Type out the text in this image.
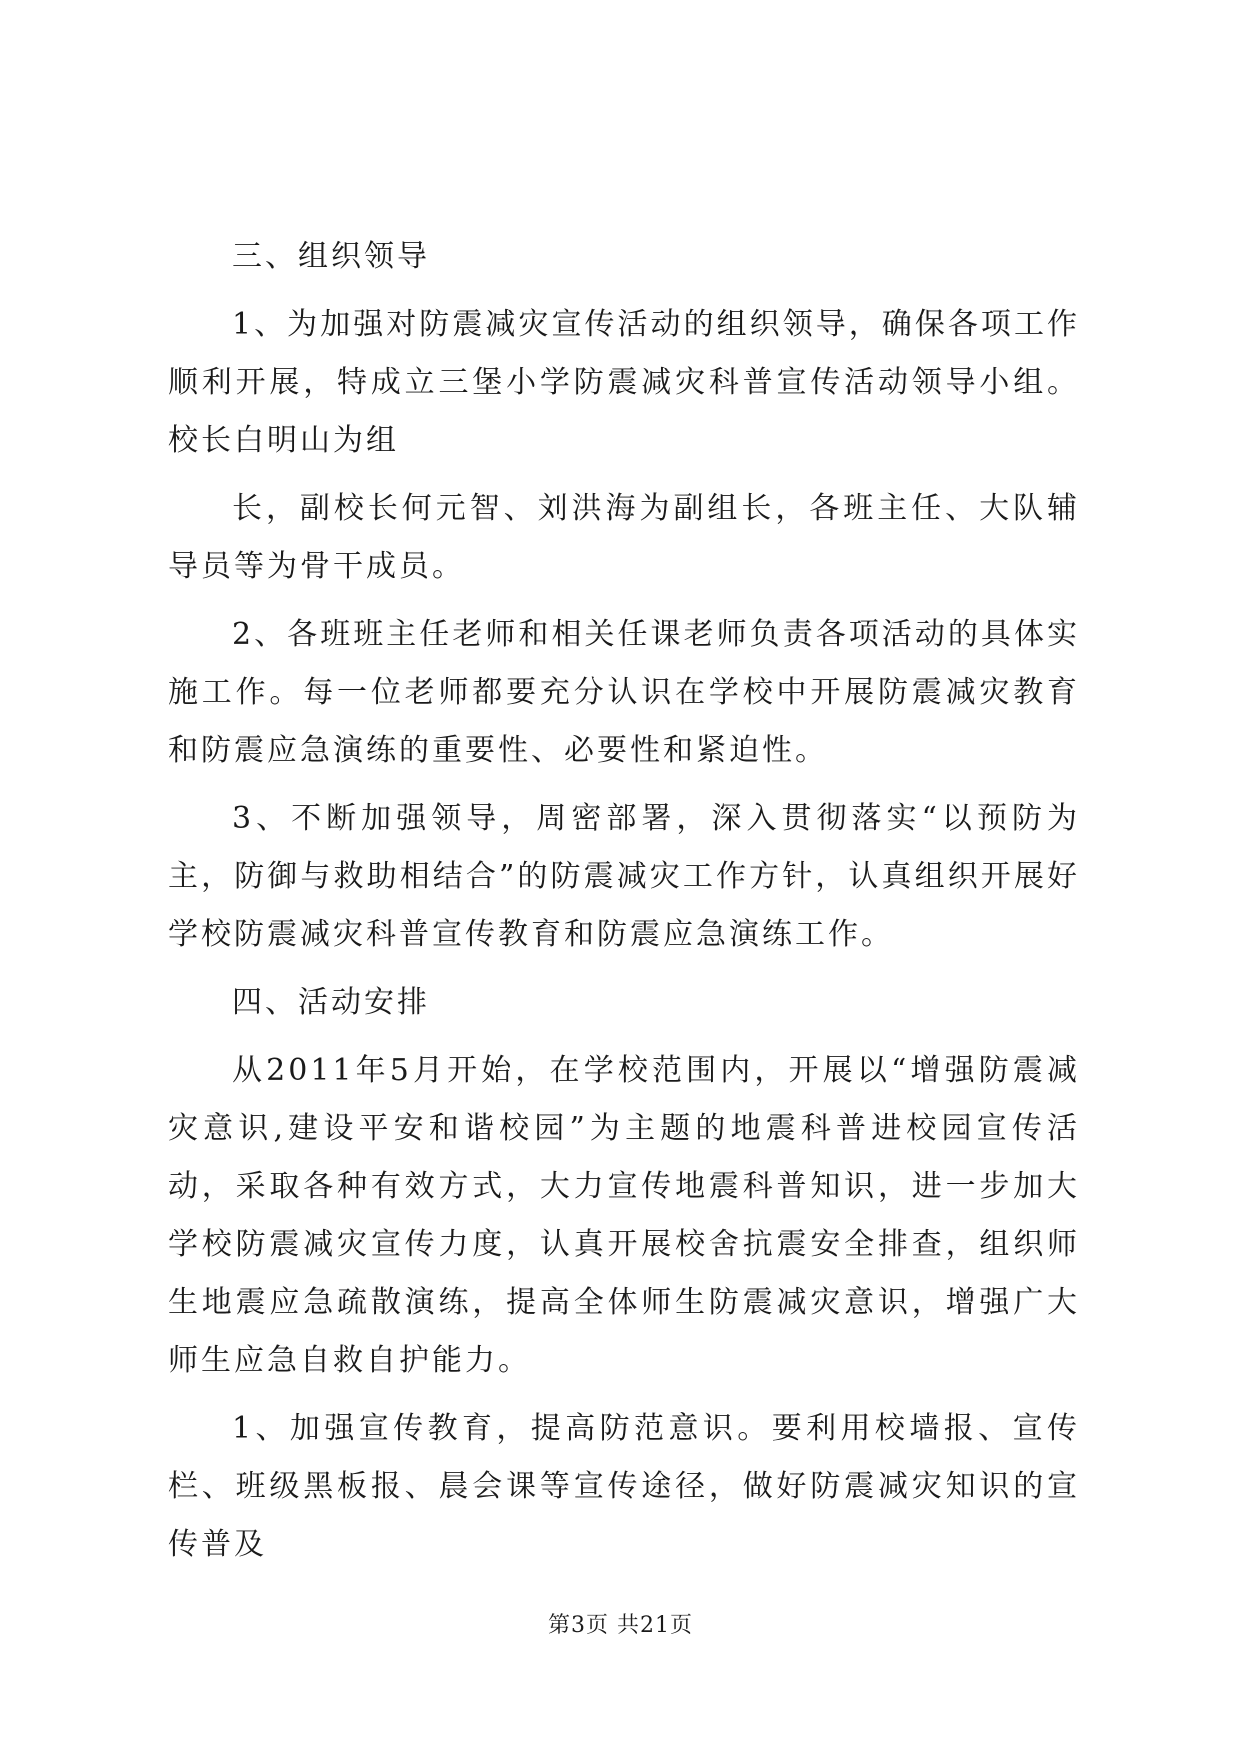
三、组织领导

1、为加强对防震减灾宣传活动的组织领导，确保各项工作顺利开展，特成立三堡小学防震减灾科普宣传活动领导小组。校长白明山为组

长，副校长何元智、刘洪海为副组长，各班主任、大队辅导员等为骨干成员。

2、各班班主任老师和相关任课老师负责各项活动的具体实施工作。每一位老师都要充分认识在学校中开展防震减灾教育和防震应急演练的重要性、必要性和紧迫性。

3、不断加强领导，周密部署，深入贯彻落实“以预防为主，防御与救助相结合”的防震减灾工作方针，认真组织开展好学校防震减灾科普宣传教育和防震应急演练工作。

四、活动安排

从2011年5月开始，在学校范围内，开展以“增强防震减灾意识,建设平安和谐校园”为主题的地震科普进校园宣传活动，采取各种有效方式，大力宣传地震科普知识，进一步加大学校防震减灾宣传力度，认真开展校舍抗震安全排查，组织师生地震应急疏散演练，提高全体师生防震减灾意识，增强广大师生应急自救自护能力。

1、加强宣传教育，提高防范意识。要利用校墙报、宣传栏、班级黑板报、晨会课等宣传途径，做好防震减灾知识的宣传普及

第3页 共21页
